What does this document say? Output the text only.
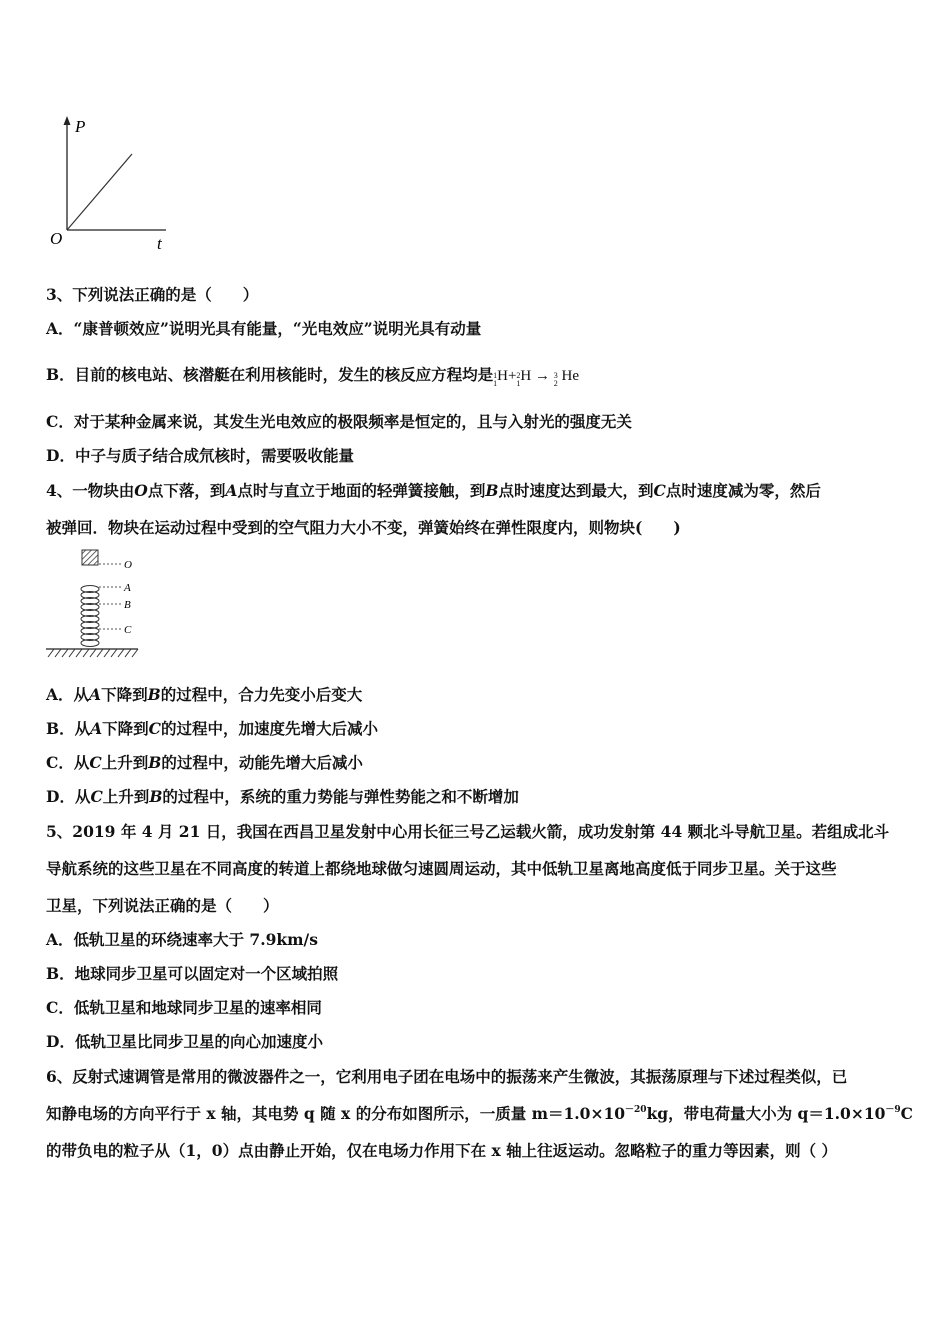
P
O	t
3、下列说法正确的是（　　）
A．“康普顿效应”说明光具有能量，“光电效应”说明光具有动量
B．目前的核电站、核潜艇在利用核能时，发生的核反应方程均是1
1H+2
1H → 3
2 He
C．对于某种金属来说，其发生光电效应的极限频率是恒定的，且与入射光的强度无关
D．中子与质子结合成氘核时，需要吸收能量
4、一物块由O点下落，到A点时与直立于地面的轻弹簧接触，到B点时速度达到最大，到C点时速度减为零，然后
被弹回．物块在运动过程中受到的空气阻力大小不变，弹簧始终在弹性限度内，则物块(　　)
O
A
B
C
A．从A下降到B的过程中，合力先变小后变大
B．从A下降到C的过程中，加速度先增大后减小
C．从C上升到B的过程中，动能先增大后减小
D．从C上升到B的过程中，系统的重力势能与弹性势能之和不断增加
5、2019 年 4 月 21 日，我国在西昌卫星发射中心用长征三号乙运载火箭，成功发射第 44 颗北斗导航卫星。若组成北斗
导航系统的这些卫星在不同高度的转道上都绕地球做匀速圆周运动，其中低轨卫星离地高度低于同步卫星。关于这些
卫星，下列说法正确的是（　　）
A．低轨卫星的环绕速率大于 7.9km/s
B．地球同步卫星可以固定对一个区域拍照
C．低轨卫星和地球同步卫星的速率相同
D．低轨卫星比同步卫星的向心加速度小
6、反射式速调管是常用的微波器件之一，它利用电子团在电场中的振荡来产生微波，其振荡原理与下述过程类似，已
知静电场的方向平行于 x 轴，其电势 q 随 x 的分布如图所示，一质量 $m=1.0\times 10^{-20}kg$，带电荷量大小为 $q=1.0\times 10^{-9}C$
的带负电的粒子从（1，0）点由静止开始，仅在电场力作用下在 x 轴上往返运动。忽略粒子的重力等因素，则（ ）
